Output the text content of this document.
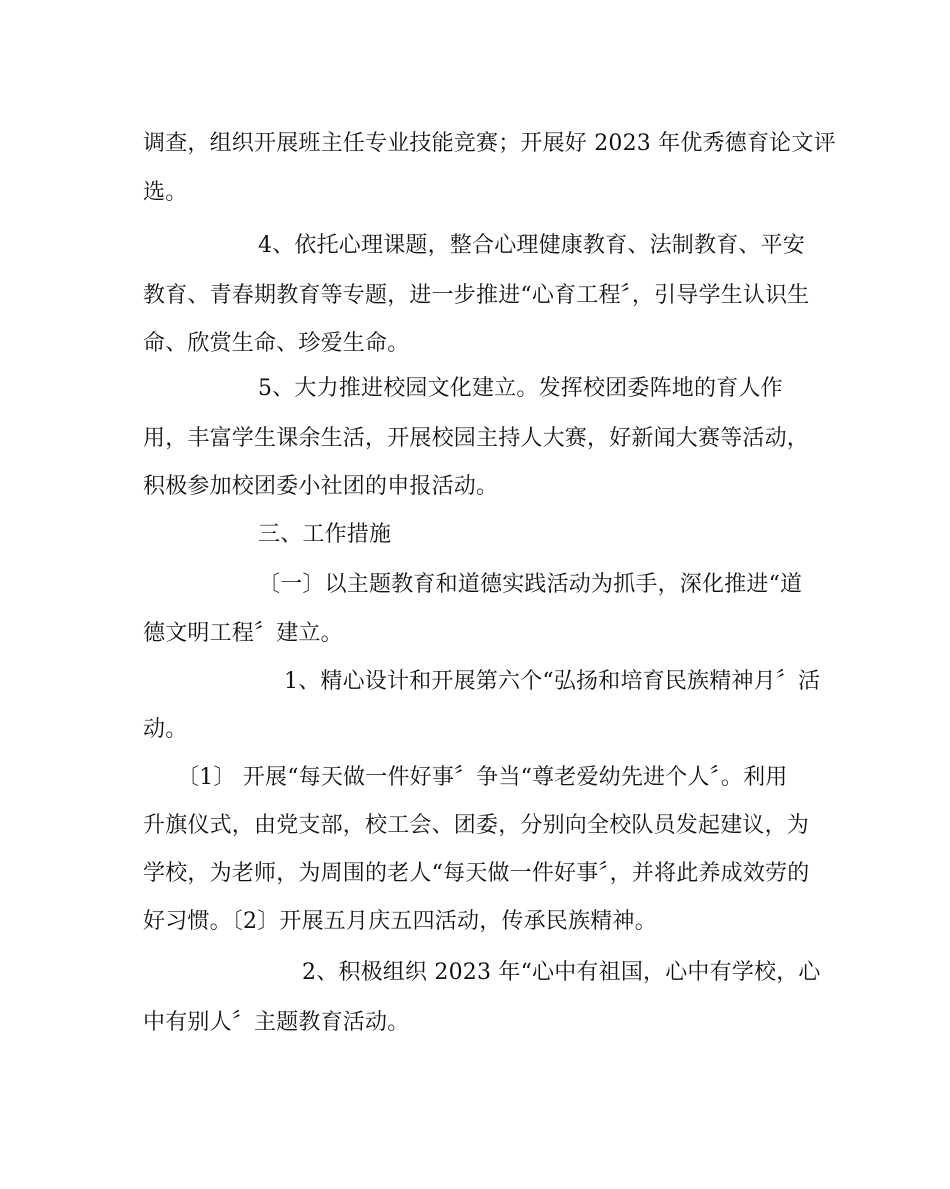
调查，组织开展班主任专业技能竞赛；开展好 2023 年优秀德育论文评
选。
4、依托心理课题，整合心理健康教育、法制教育、平安
教育、青春期教育等专题，进一步推进“心育工程〞，引导学生认识生
命、欣赏生命、珍爱生命。
5、大力推进校园文化建立。发挥校团委阵地的育人作
用，丰富学生课余生活，开展校园主持人大赛，好新闻大赛等活动，
积极参加校团委小社团的申报活动。
三、工作措施
〔一〕以主题教育和道德实践活动为抓手，深化推进“道
德文明工程〞建立。
1、精心设计和开展第六个“弘扬和培育民族精神月〞活
动。
〔1〕 开展“每天做一件好事〞争当“尊老爱幼先进个人〞。利用
升旗仪式，由党支部，校工会、团委，分别向全校队员发起建议，为
学校，为老师，为周围的老人“每天做一件好事〞，并将此养成效劳的
好习惯。〔2〕开展五月庆五四活动，传承民族精神。
2、积极组织 2023 年“心中有祖国，心中有学校，心
中有别人〞主题教育活动。
